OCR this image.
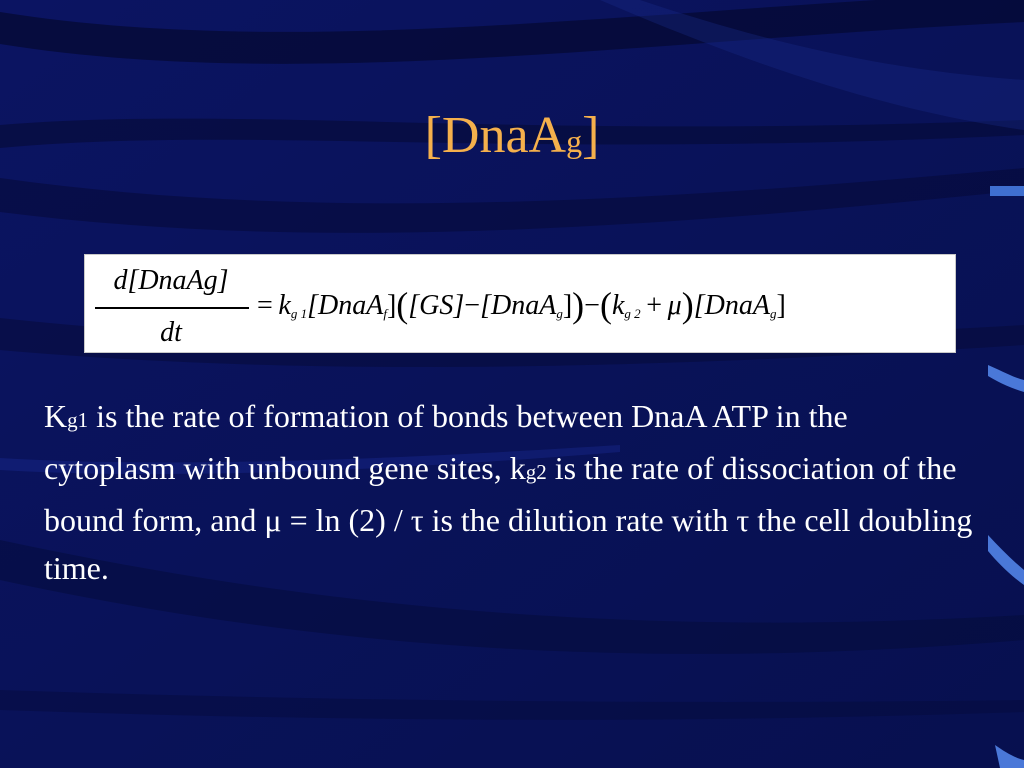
[DnaAg]
d[DnaAg]
dt
=  kg 1[DnaAf]([GS]−[DnaAg])−(kg 2  +  μ)[DnaAg]
Kg1 is the rate of formation of bonds between DnaA ATP in the cytoplasm with unbound gene sites, kg2 is the rate of dissociation of the bound form, and μ = ln (2) / τ is the dilution rate with τ the cell doubling time.
